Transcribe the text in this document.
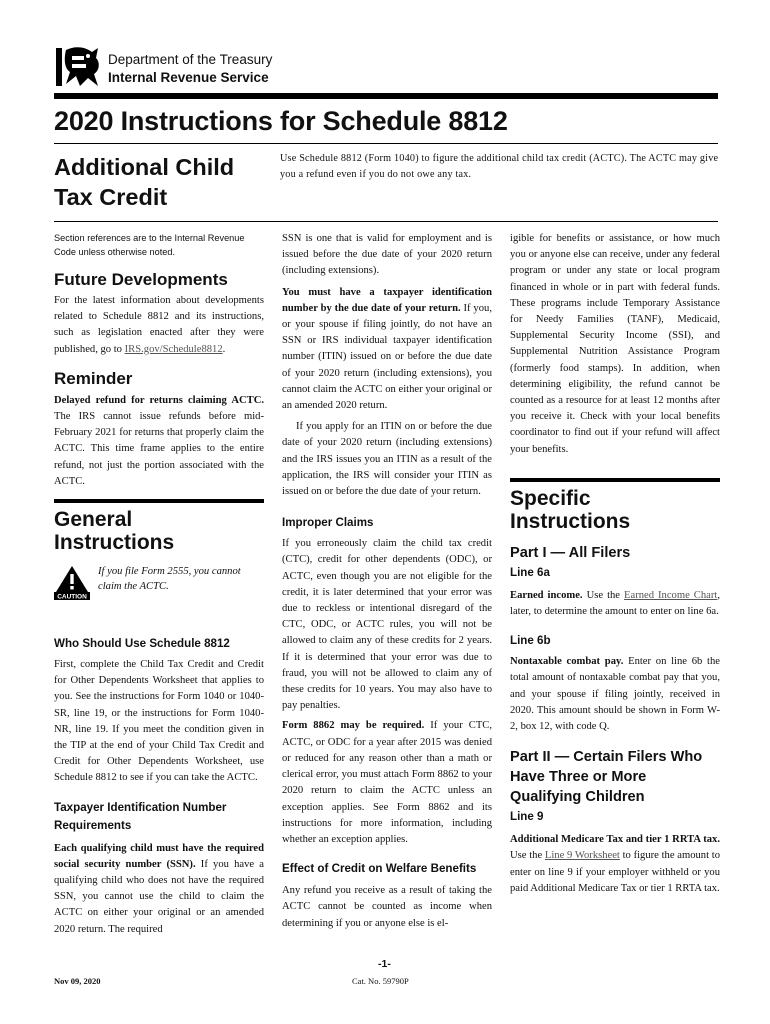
Department of the Treasury
Internal Revenue Service
2020 Instructions for Schedule 8812
Additional Child
Tax Credit
Use Schedule 8812 (Form 1040) to figure the additional child tax credit (ACTC). The ACTC may give you a refund even if you do not owe any tax.

Section references are to the Internal Revenue Code unless otherwise noted.

Future Developments

For the latest information about developments related to Schedule 8812 and its instructions, such as legislation enacted after they were published, go to IRS.gov/Schedule8812.

Reminder

Delayed refund for returns claiming ACTC. The IRS cannot issue refunds before mid-February 2021 for returns that properly claim the ACTC. This time frame applies to the entire refund, not just the portion associated with the ACTC.

General
Instructions
CAUTION
If you file Form 2555, you cannot claim the ACTC.
Who Should Use Schedule 8812

First, complete the Child Tax Credit and Credit for Other Dependents Worksheet that applies to you. See the instructions for Form 1040 or 1040-SR, line 19, or the instructions for Form 1040-NR, line 19. If you meet the condition given in the TIP at the end of your Child Tax Credit and Credit for Other Dependents Worksheet, use Schedule 8812 to see if you can take the ACTC.

Taxpayer Identification Number Requirements

Each qualifying child must have the required social security number (SSN). If you have a qualifying child who does not have the required SSN, you cannot use the child to claim the ACTC on either your original or an amended 2020 return. The required

SSN is one that is valid for employment and is issued before the due date of your 2020 return (including extensions).

You must have a taxpayer identification number by the due date of your return. If you, or your spouse if filing jointly, do not have an SSN or IRS individual taxpayer identification number (ITIN) issued on or before the due date of your 2020 return (including extensions), you cannot claim the ACTC on either your original or an amended 2020 return.

If you apply for an ITIN on or before the due date of your 2020 return (including extensions) and the IRS issues you an ITIN as a result of the application, the IRS will consider your ITIN as issued on or before the due date of your return.

Improper Claims

If you erroneously claim the child tax credit (CTC), credit for other dependents (ODC), or ACTC, even though you are not eligible for the credit, it is later determined that your error was due to reckless or intentional disregard of the CTC, ODC, or ACTC rules, you will not be allowed to claim any of these credits for 2 years. If it is determined that your error was due to fraud, you will not be allowed to claim any of these credits for 10 years. You may also have to pay penalties.

Form 8862 may be required. If your CTC, ACTC, or ODC for a year after 2015 was denied or reduced for any reason other than a math or clerical error, you must attach Form 8862 to your 2020 return to claim the ACTC unless an exception applies. See Form 8862 and its instructions for more information, including whether an exception applies.

Effect of Credit on Welfare Benefits

Any refund you receive as a result of taking the ACTC cannot be counted as income when determining if you or anyone else is el-

igible for benefits or assistance, or how much you or anyone else can receive, under any federal program or under any state or local program financed in whole or in part with federal funds. These programs include Temporary Assistance for Needy Families (TANF), Medicaid, Supplemental Security Income (SSI), and Supplemental Nutrition Assistance Program (formerly food stamps). In addition, when determining eligibility, the refund cannot be counted as a resource for at least 12 months after you receive it. Check with your local benefits coordinator to find out if your refund will affect your benefits.

Specific
Instructions
Part I — All Filers
Line 6a

Earned income. Use the Earned Income Chart, later, to determine the amount to enter on line 6a.

Line 6b

Nontaxable combat pay. Enter on line 6b the total amount of nontaxable combat pay that you, and your spouse if filing jointly, received in 2020. This amount should be shown in Form W-2, box 12, with code Q.

Part II — Certain Filers Who Have Three or More Qualifying Children
Line 9

Additional Medicare Tax and tier 1 RRTA tax. Use the Line 9 Worksheet to figure the amount to enter on line 9 if your employer withheld or you paid Additional Medicare Tax or tier 1 RRTA tax.

-1-
Nov 09, 2020	Cat. No. 59790P
